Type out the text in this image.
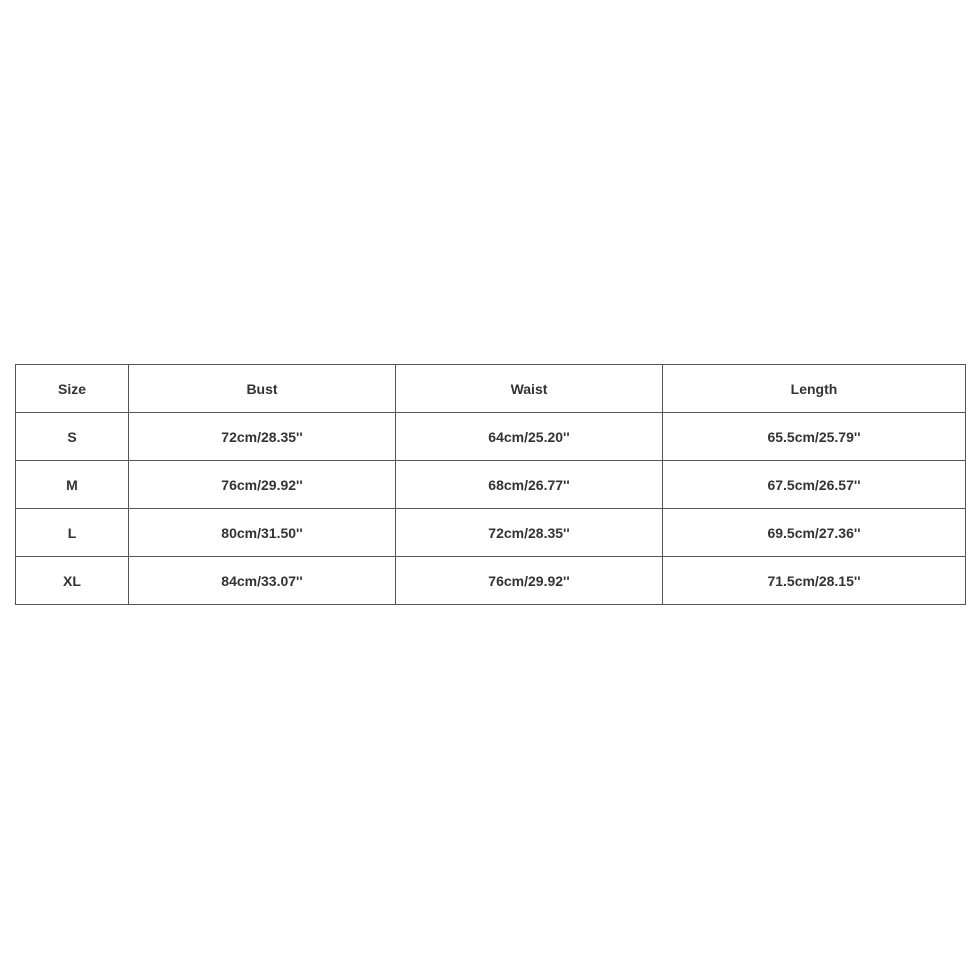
Size	Bust	Waist	Length
S	72cm/28.35''	64cm/25.20''	65.5cm/25.79''
M	76cm/29.92''	68cm/26.77''	67.5cm/26.57''
L	80cm/31.50''	72cm/28.35''	69.5cm/27.36''
XL	84cm/33.07''	76cm/29.92''	71.5cm/28.15''
